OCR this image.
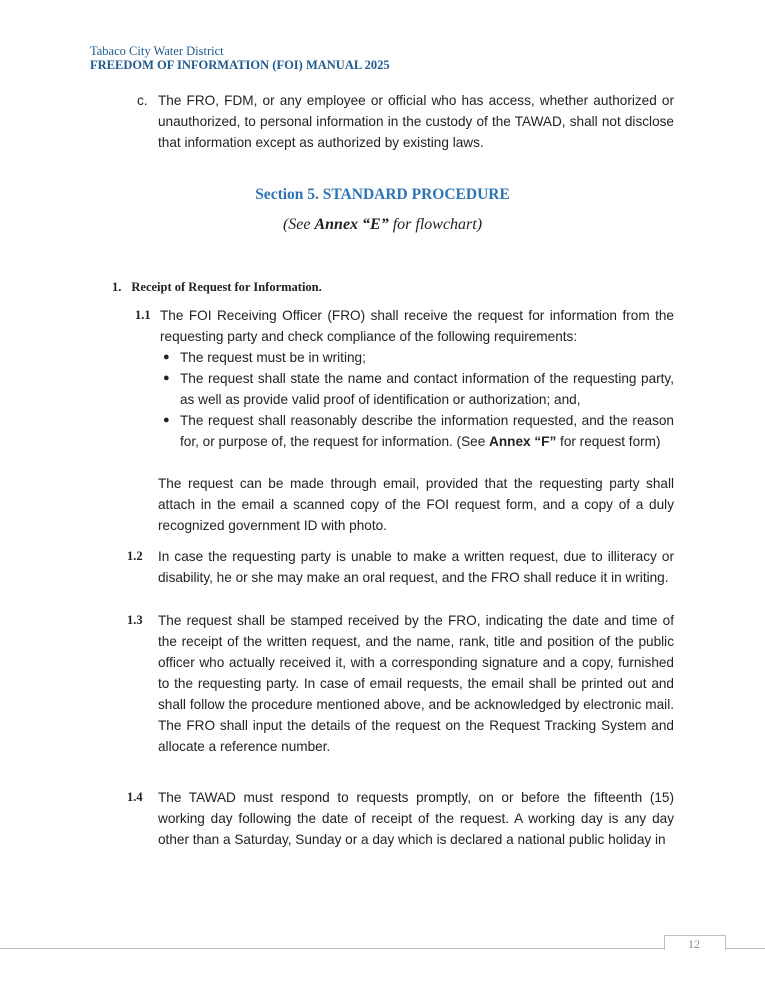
Tabaco City Water District
FREEDOM OF INFORMATION (FOI) MANUAL 2025
c. The FRO, FDM, or any employee or official who has access, whether authorized or unauthorized, to personal information in the custody of the TAWAD, shall not disclose that information except as authorized by existing laws.
Section 5. STANDARD PROCEDURE
(See Annex “E” for flowchart)
1. Receipt of Request for Information.
1.1 The FOI Receiving Officer (FRO) shall receive the request for information from the requesting party and check compliance of the following requirements:
● The request must be in writing;
● The request shall state the name and contact information of the requesting party, as well as provide valid proof of identification or authorization; and,
● The request shall reasonably describe the information requested, and the reason for, or purpose of, the request for information. (See Annex “F” for request form)
The request can be made through email, provided that the requesting party shall attach in the email a scanned copy of the FOI request form, and a copy of a duly recognized government ID with photo.
1.2 In case the requesting party is unable to make a written request, due to illiteracy or disability, he or she may make an oral request, and the FRO shall reduce it in writing.
1.3 The request shall be stamped received by the FRO, indicating the date and time of the receipt of the written request, and the name, rank, title and position of the public officer who actually received it, with a corresponding signature and a copy, furnished to the requesting party. In case of email requests, the email shall be printed out and shall follow the procedure mentioned above, and be acknowledged by electronic mail. The FRO shall input the details of the request on the Request Tracking System and allocate a reference number.
1.4 The TAWAD must respond to requests promptly, on or before the fifteenth (15) working day following the date of receipt of the request. A working day is any day other than a Saturday, Sunday or a day which is declared a national public holiday in
12
